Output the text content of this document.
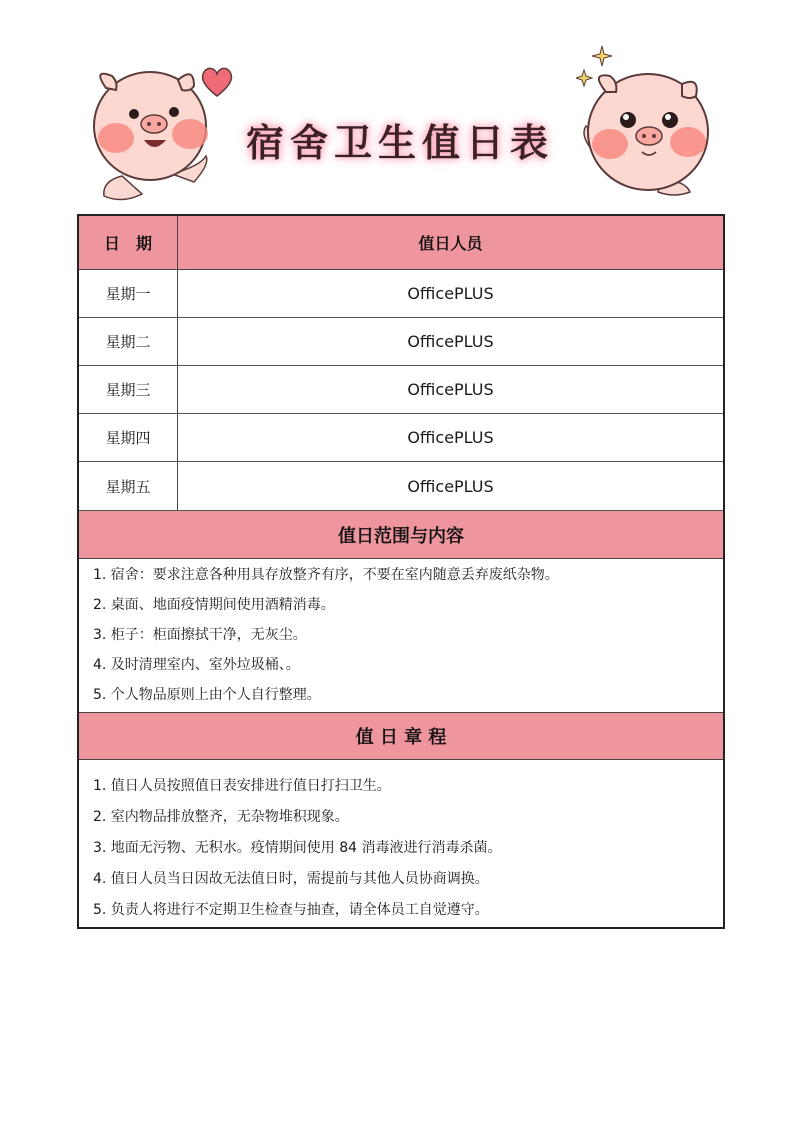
宿舍卫生值日表
日　期	值日人员
星期一	OfficePLUS
星期二	OfficePLUS
星期三	OfficePLUS
星期四	OfficePLUS
星期五	OfficePLUS
值日范围与内容
1. 宿舍：要求注意各种用具存放整齐有序，不要在室内随意丢弃废纸杂物。
2. 桌面、地面疫情期间使用酒精消毒。
3. 柜子：柜面擦拭干净，无灰尘。
4. 及时清理室内、室外垃圾桶、。
5. 个人物品原则上由个人自行整理。
值 日 章 程
1. 值日人员按照值日表安排进行值日打扫卫生。
2. 室内物品排放整齐，无杂物堆积现象。
3. 地面无污物、无积水。疫情期间使用 84 消毒液进行消毒杀菌。
4. 值日人员当日因故无法值日时，需提前与其他人员协商调换。
5. 负责人将进行不定期卫生检查与抽查，请全体员工自觉遵守。
